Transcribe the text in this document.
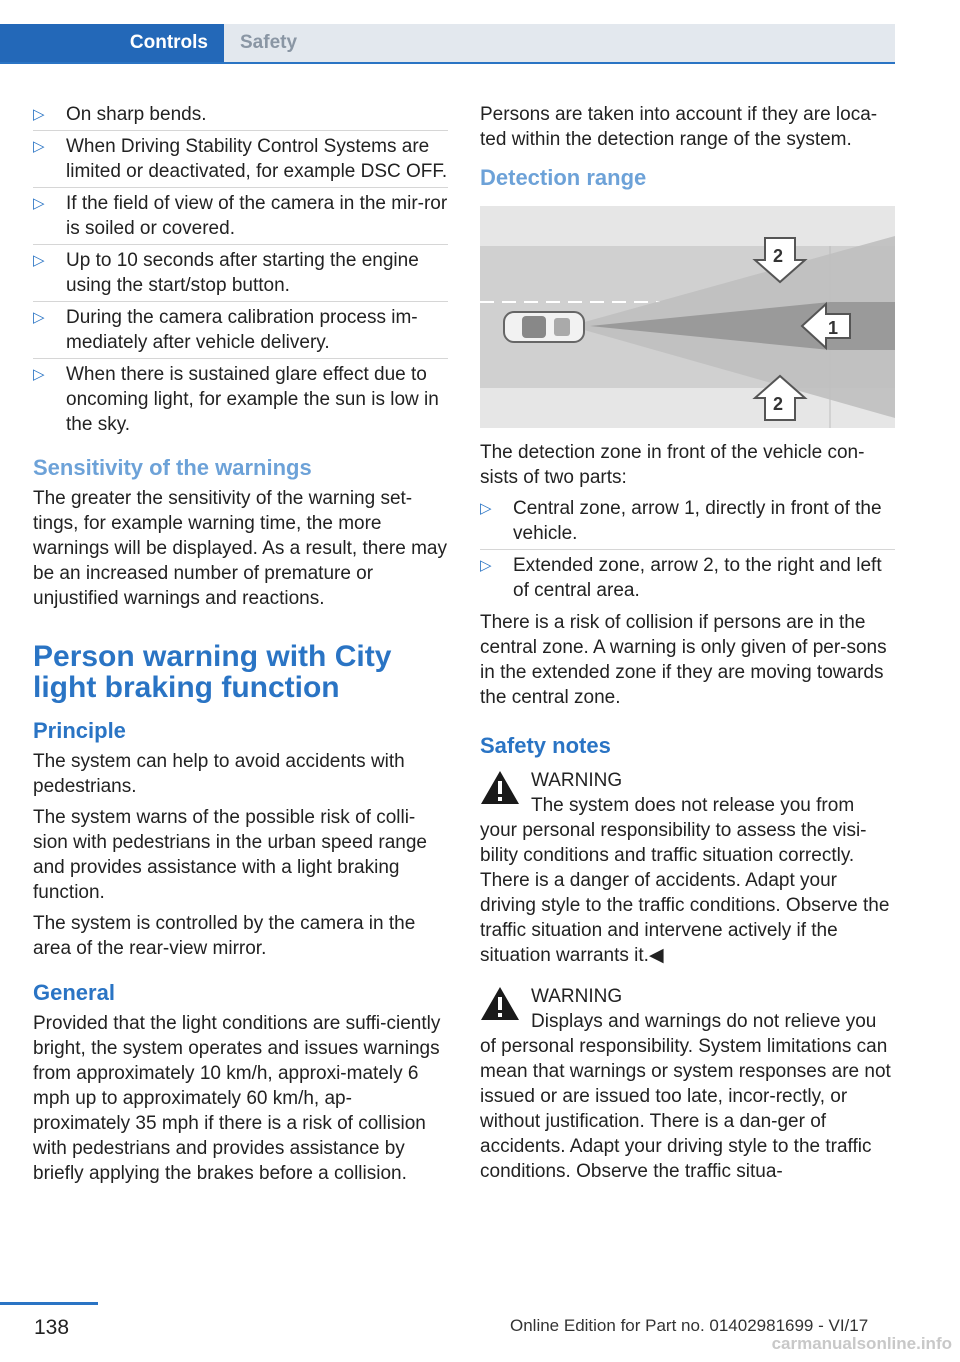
Controls	Safety
▷ On sharp bends.
▷ When Driving Stability Control Systems are limited or deactivated, for example DSC OFF.
▷ If the field of view of the camera in the mir‐ror is soiled or covered.
▷ Up to 10 seconds after starting the engine using the start/stop button.
▷ During the camera calibration process im‐mediately after vehicle delivery.
▷ When there is sustained glare effect due to oncoming light, for example the sun is low in the sky.
Sensitivity of the warnings

The greater the sensitivity of the warning set‐tings, for example warning time, the more warnings will be displayed. As a result, there may be an increased number of premature or unjustified warnings and reactions.

Person warning with City light braking function
Principle

The system can help to avoid accidents with pedestrians.

The system warns of the possible risk of colli‐sion with pedestrians in the urban speed range and provides assistance with a light braking function.

The system is controlled by the camera in the area of the rear-view mirror.

General

Provided that the light conditions are suffi‐ciently bright, the system operates and issues warnings from approximately 10 km/h, approxi‐mately 6 mph up to approximately 60 km/h, ap‐proximately 35 mph if there is a risk of collision with pedestrians and provides assistance by briefly applying the brakes before a collision.

Persons are taken into account if they are loca‐ted within the detection range of the system.

Detection range
1
2
2

The detection zone in front of the vehicle con‐sists of two parts:

▷ Central zone, arrow 1, directly in front of the vehicle.
▷ Extended zone, arrow 2, to the right and left of central area.

There is a risk of collision if persons are in the central zone. A warning is only given of per‐sons in the extended zone if they are moving towards the central zone.

Safety notes
WARNING
The system does not release you from your personal responsibility to assess the visi‐bility conditions and traffic situation correctly. There is a danger of accidents. Adapt your driving style to the traffic conditions. Observe the traffic situation and intervene actively if the situation warrants it.◀
WARNING
Displays and warnings do not relieve you of personal responsibility. System limitations can mean that warnings or system responses are not issued or are issued too late, incor‐rectly, or without justification. There is a dan‐ger of accidents. Adapt your driving style to the traffic conditions. Observe the traffic situa‐
138	Online Edition for Part no. 01402981699 - VI/17
carmanualsonline.info
